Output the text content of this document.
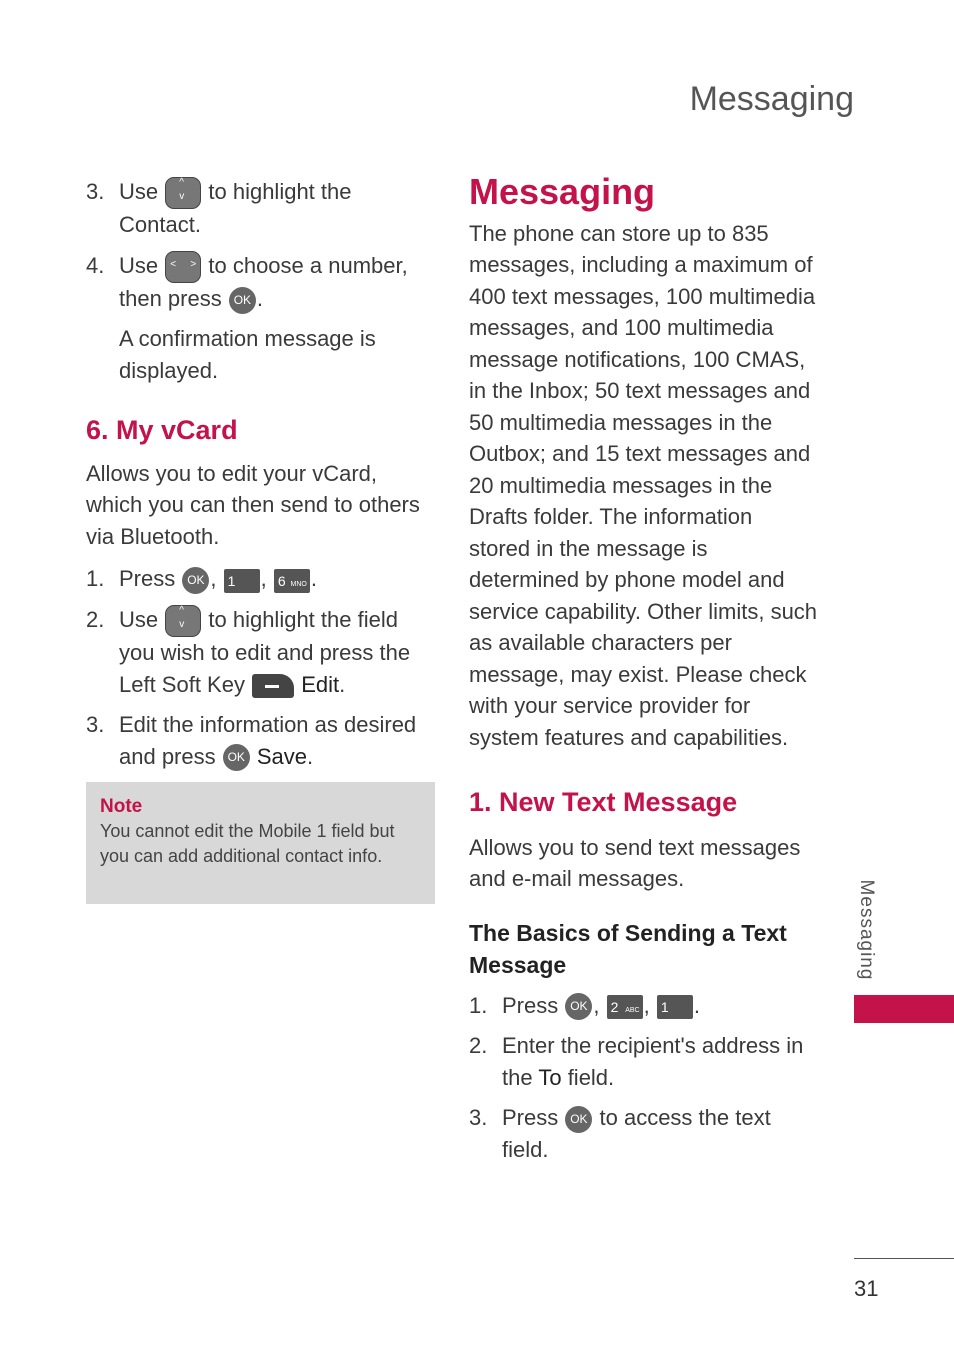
Messaging

3. Use ^
v to highlight the Contact.

4. Use < > to choose a number, then press OK .

A confirmation message is displayed.

6. My vCard

Allows you to edit your vCard, which you can then send to others via Bluetooth.

1. Press OK , 1 , 6 MNO .

2. Use ^
v to highlight the field you wish to edit and press the Left Soft Key	Edit.

3. Edit the information as desired and press OK Save.

Note
You cannot edit the Mobile 1 field but you can add additional contact info.

Messaging

The phone can store up to 835 messages, including a maximum of 400 text messages, 100 multimedia messages, and 100 multimedia message notifications, 100 CMAS, in the Inbox; 50 text messages and 50 multimedia messages in the Outbox; and 15 text messages and 20 multimedia messages in the Drafts folder. The information stored in the message is determined by phone model and service capability. Other limits, such as available characters per message, may exist. Please check with your service provider for system features and capabilities.

1. New Text Message

Allows you to send text messages and e-mail messages.

The Basics of Sending a Text Message

1. Press OK , 2 ABC , 1 .

2. Enter the recipient's address in the To field.

3. Press OK to access the text field.

Messaging
31
